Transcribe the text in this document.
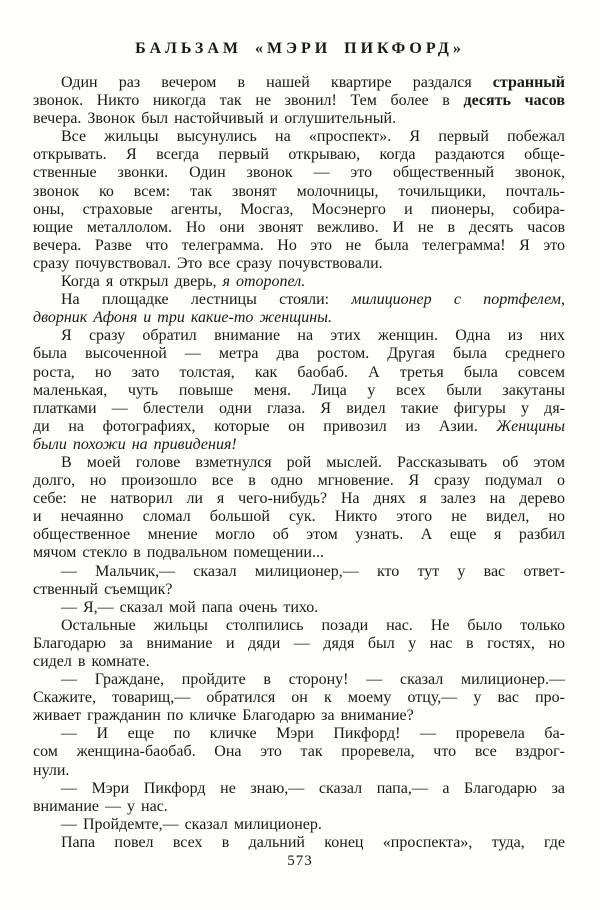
БАЛЬЗАМ «МЭРИ ПИКФОРД»
Один раз вечером в нашей квартире раздался странный
звонок. Никто никогда так не звонил! Тем более в десять часов
вечера. Звонок был настойчивый и оглушительный.
Все жильцы высунулись на «проспект». Я первый побежал
открывать. Я всегда первый открываю, когда раздаются обще-
ственные звонки. Один звонок — это общественный звонок,
звонок ко всем: так звонят молочницы, точильщики, почталь-
оны, страховые агенты, Мосгаз, Мосэнерго и пионеры, собира-
ющие металлолом. Но они звонят вежливо. И не в десять часов
вечера. Разве что телеграмма. Но это не была телеграмма! Я это
сразу почувствовал. Это все сразу почувствовали.
Когда я открыл дверь, я оторопел.
На площадке лестницы стояли: милиционер с портфелем,
дворник Афоня и три какие-то женщины.
Я сразу обратил внимание на этих женщин. Одна из них
была высоченной — метра два ростом. Другая была среднего
роста, но зато толстая, как баобаб. А третья была совсем
маленькая, чуть повыше меня. Лица у всех были закутаны
платками — блестели одни глаза. Я видел такие фигуры у дя-
ди на фотографиях, которые он привозил из Азии. Женщины
были похожи на привидения!
В моей голове взметнулся рой мыслей. Рассказывать об этом
долго, но произошло все в одно мгновение. Я сразу подумал о
себе: не натворил ли я чего-нибудь? На днях я залез на дерево
и нечаянно сломал большой сук. Никто этого не видел, но
общественное мнение могло об этом узнать. А еще я разбил
мячом стекло в подвальном помещении...
— Мальчик,— сказал милиционер,— кто тут у вас ответ-
ственный съемщик?
— Я,— сказал мой папа очень тихо.
Остальные жильцы столпились позади нас. Не было только
Благодарю за внимание и дяди — дядя был у нас в гостях, но
сидел в комнате.
— Граждане, пройдите в сторону! — сказал милиционер.—
Скажите, товарищ,— обратился он к моему отцу,— у вас про-
живает гражданин по кличке Благодарю за внимание?
— И еще по кличке Мэри Пикфорд! — проревела ба-
сом женщина-баобаб. Она это так проревела, что все вздрог-
нули.
— Мэри Пикфорд не знаю,— сказал папа,— а Благодарю за
внимание — у нас.
— Пройдемте,— сказал милиционер.
Папа повел всех в дальний конец «проспекта», туда, где
573
